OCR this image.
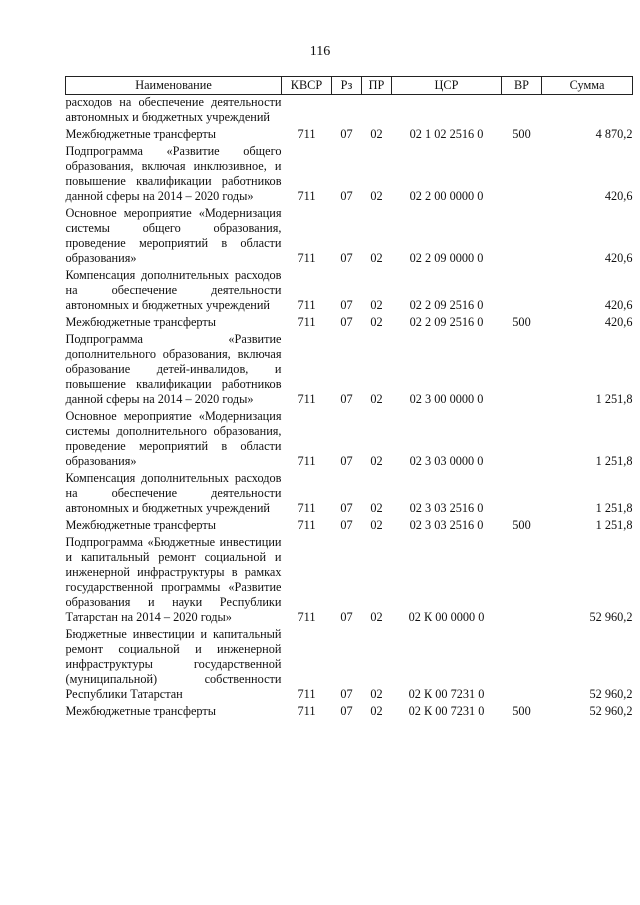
116
Наименование	КВСР	Рз	ПР	ЦСР	ВР	Сумма
расходов на обеспечение деятельности автономных и бюджетных учреждений						
Межбюджетные трансферты	711	07	02	02 1 02 2516 0	500	4 870,2
Подпрограмма «Развитие общего образования, включая инклюзивное, и повышение квалификации работников данной сферы на 2014 – 2020 годы»	711	07	02	02 2 00 0000 0		420,6
Основное мероприятие «Модернизация системы общего образования, проведение мероприятий в области образования»	711	07	02	02 2 09 0000 0		420,6
Компенсация дополнительных расходов на обеспечение деятельности автономных и бюджетных учреждений	711	07	02	02 2 09 2516 0		420,6
Межбюджетные трансферты	711	07	02	02 2 09 2516 0	500	420,6
Подпрограмма «Развитие дополнительного образования, включая образование детей-инвалидов, и повышение квалификации работников данной сферы на 2014 – 2020 годы»	711	07	02	02 3 00 0000 0		1 251,8
Основное мероприятие «Модернизация системы дополнительного образования, проведение мероприятий в области образования»	711	07	02	02 3 03 0000 0		1 251,8
Компенсация дополнительных расходов на обеспечение деятельности автономных и бюджетных учреждений	711	07	02	02 3 03 2516 0		1 251,8
Межбюджетные трансферты	711	07	02	02 3 03 2516 0	500	1 251,8
Подпрограмма «Бюджетные инвестиции и капитальный ремонт социальной и инженерной инфраструктуры в рамках государственной программы «Развитие образования и науки Республики Татарстан на 2014 – 2020 годы»	711	07	02	02 К 00 0000 0		52 960,2
Бюджетные инвестиции и капитальный ремонт социальной и инженерной инфраструктуры государственной (муниципальной) собственности Республики Татарстан	711	07	02	02 К 00 7231 0		52 960,2
Межбюджетные трансферты	711	07	02	02 К 00 7231 0	500	52 960,2
